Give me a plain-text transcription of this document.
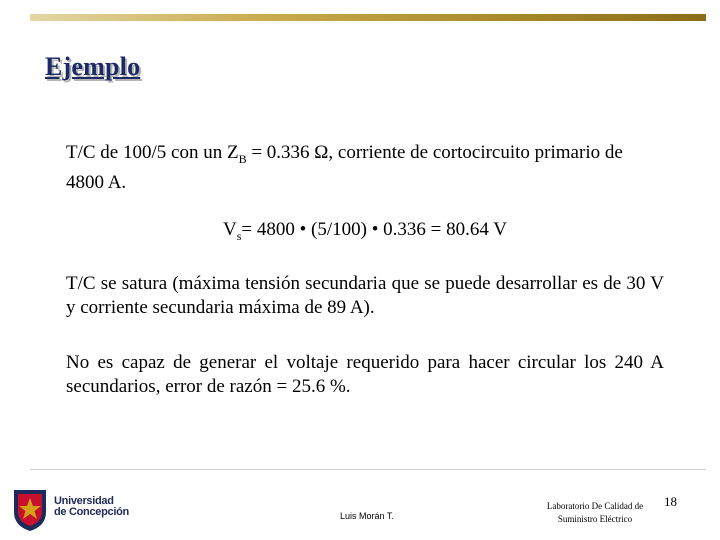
Ejemplo
T/C de 100/5 con un $Z_B = 0.336$ Ω, corriente de cortocircuito primario de 4800 A.
$V_s= 4800$ • (5/100) • 0.336 = 80.64 V
T/C se satura (máxima tensión secundaria que se puede desarrollar es de 30 V y corriente secundaria máxima de 89 A).
No es capaz de generar el voltaje requerido para hacer circular los 240 A secundarios, error de razón = 25.6 %.
Universidad
de Concepción	Luis Morán T.
Laboratorio De Calidad de
Suministro Eléctrico
18
